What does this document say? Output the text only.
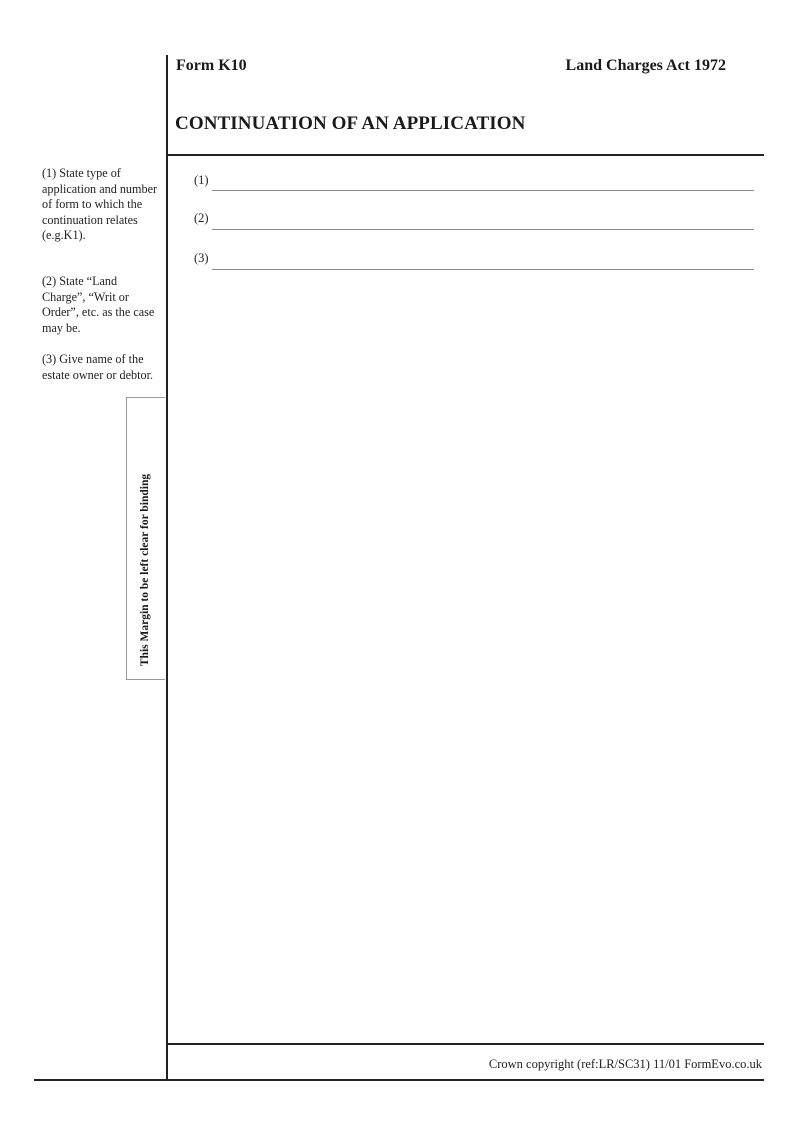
Form K10	Land Charges Act 1972
CONTINUATION OF AN APPLICATION
(1) State type of application and number of form to which the continuation relates (e.g.K1).
(2) State “Land Charge”, “Writ or Order”, etc. as the case may be.
(3) Give name of the estate owner or debtor.
(1)
(2)
(3)
This Margin to be left clear for binding
Crown copyright (ref:LR/SC31) 11/01 FormEvo.co.uk
